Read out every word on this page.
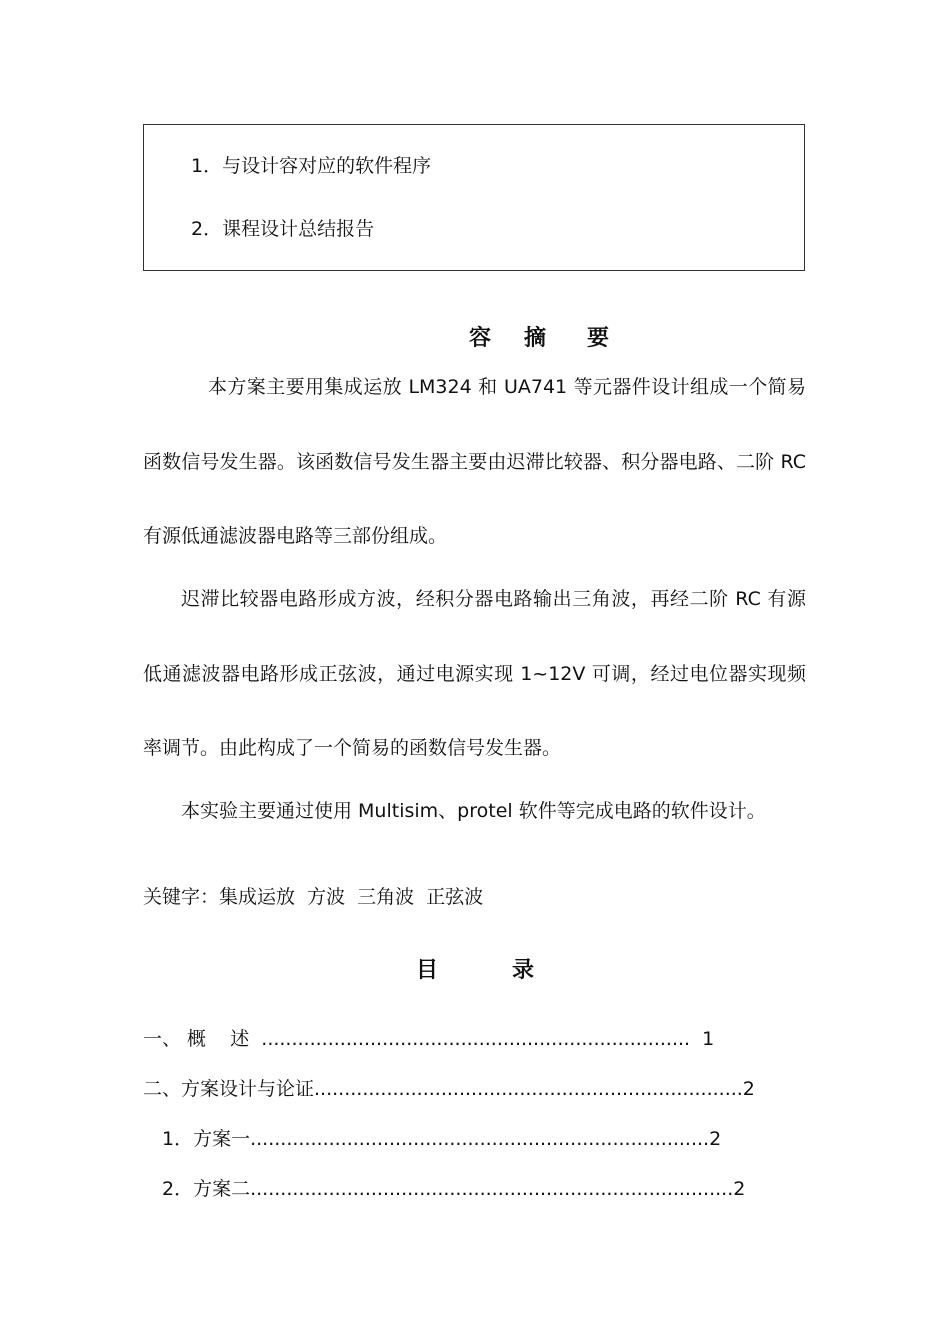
1．与设计容对应的软件程序
2．课程设计总结报告
容 摘 要
本方案主要用集成运放 LM324 和 UA741 等元器件设计组成一个简易
函数信号发生器。该函数信号发生器主要由迟滞比较器、积分器电路、二阶 RC
有源低通滤波器电路等三部份组成。
迟滞比较器电路形成方波，经积分器电路输出三角波，再经二阶 RC 有源
低通滤波器电路形成正弦波，通过电源实现 1~12V 可调，经过电位器实现频
率调节。由此构成了一个简易的函数信号发生器。
本实验主要通过使用 Multisim、protel 软件等完成电路的软件设计。
关键字：集成运放  方波  三角波  正弦波
目	录
一、 概    述  .......................................................................  1
二、方案设计与论证.......................................................................2
1．方案一............................................................................2
2．方案二................................................................................2
